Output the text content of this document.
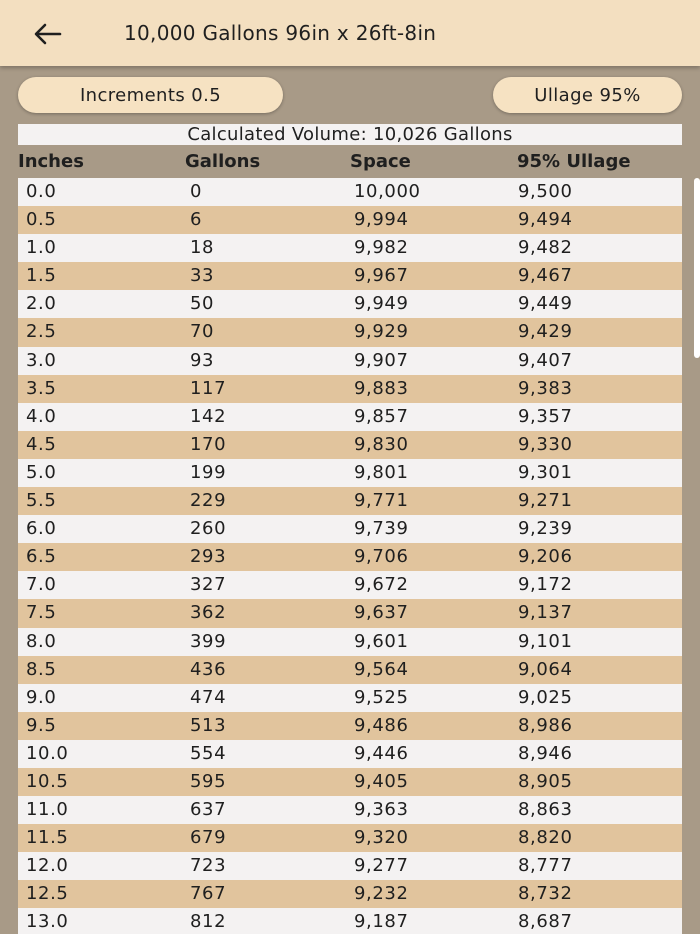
10,000 Gallons 96in x 26ft-8in
Increments 0.5	Ullage 95%
Calculated Volume: 10,026 Gallons
Inches	Gallons	Space	95% Ullage
0.0	0	10,000	9,500
0.5	6	9,994	9,494
1.0	18	9,982	9,482
1.5	33	9,967	9,467
2.0	50	9,949	9,449
2.5	70	9,929	9,429
3.0	93	9,907	9,407
3.5	117	9,883	9,383
4.0	142	9,857	9,357
4.5	170	9,830	9,330
5.0	199	9,801	9,301
5.5	229	9,771	9,271
6.0	260	9,739	9,239
6.5	293	9,706	9,206
7.0	327	9,672	9,172
7.5	362	9,637	9,137
8.0	399	9,601	9,101
8.5	436	9,564	9,064
9.0	474	9,525	9,025
9.5	513	9,486	8,986
10.0	554	9,446	8,946
10.5	595	9,405	8,905
11.0	637	9,363	8,863
11.5	679	9,320	8,820
12.0	723	9,277	8,777
12.5	767	9,232	8,732
13.0	812	9,187	8,687
